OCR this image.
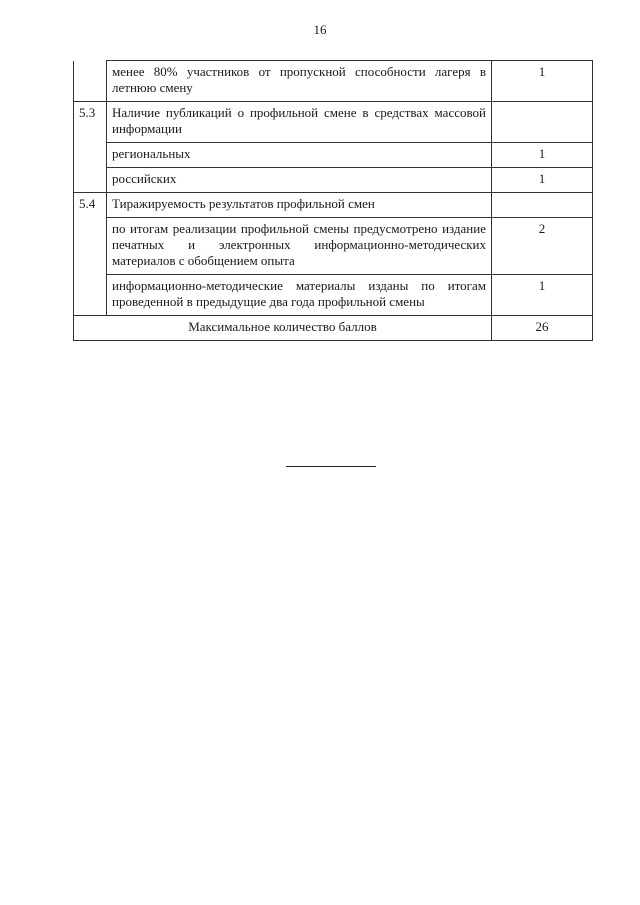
16
	менее 80% участников от пропускной способности лагеря в летнюю смену	1
5.3	Наличие публикаций о профильной смене в средствах массовой информации	
	региональных	1
	российских	1
5.4	Тиражируемость результатов профильной смен	
	по итогам реализации профильной смены предусмотрено издание печатных и электронных информационно-методических материалов с обобщением опыта	2
	информационно-методические материалы изданы по итогам проведенной в предыдущие два года профильной смены	1
Максимальное количество баллов		26
